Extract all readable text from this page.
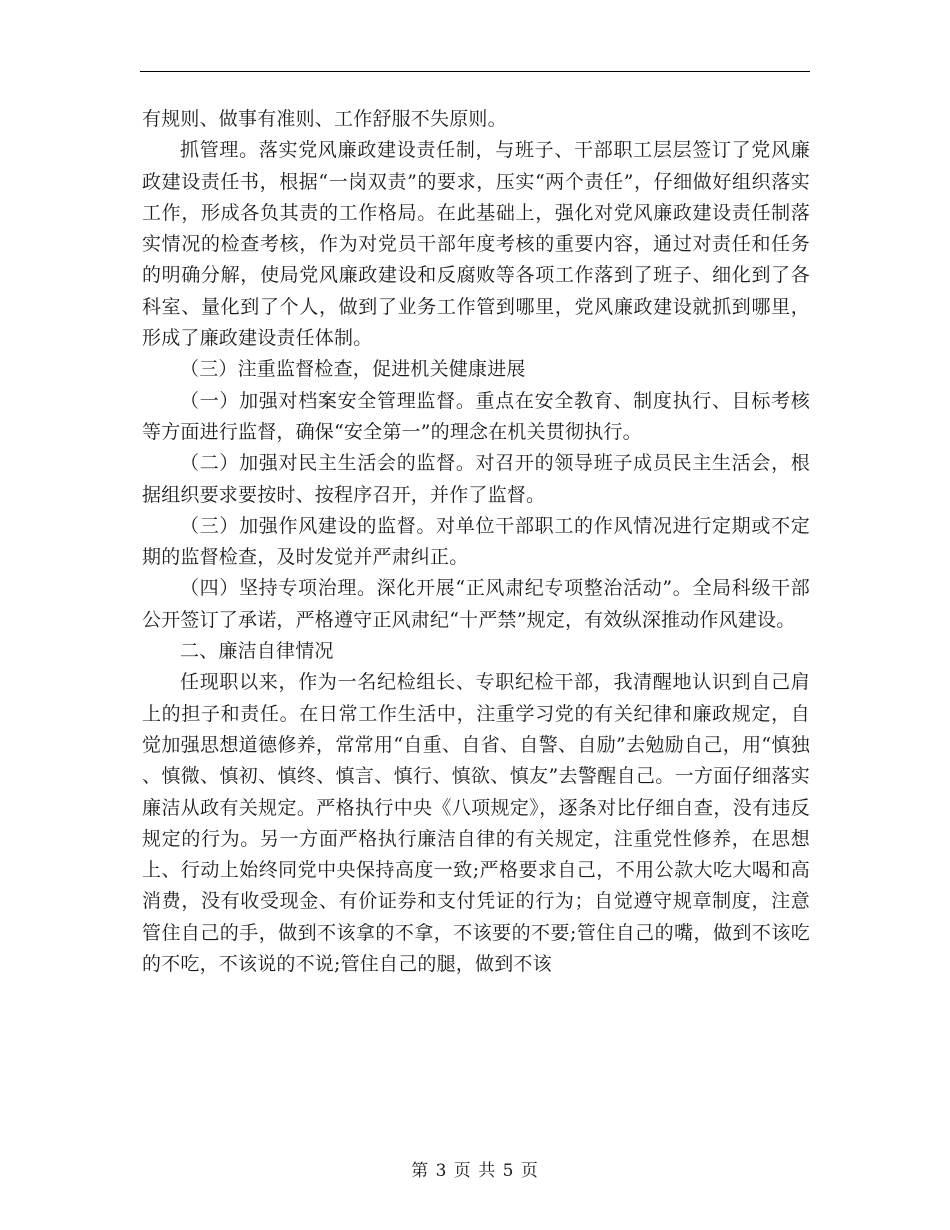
有规则、做事有准则、工作舒服不失原则。

抓管理。落实党风廉政建设责任制，与班子、干部职工层层签订了党风廉政建设责任书，根据“一岗双责”的要求，压实“两个责任”，仔细做好组织落实工作，形成各负其责的工作格局。在此基础上，强化对党风廉政建设责任制落实情况的检查考核，作为对党员干部年度考核的重要内容，通过对责任和任务的明确分解，使局党风廉政建设和反腐败等各项工作落到了班子、细化到了各科室、量化到了个人，做到了业务工作管到哪里，党风廉政建设就抓到哪里，形成了廉政建设责任体制。

（三）注重监督检查，促进机关健康进展

（一）加强对档案安全管理监督。重点在安全教育、制度执行、目标考核等方面进行监督，确保“安全第一”的理念在机关贯彻执行。

（二）加强对民主生活会的监督。对召开的领导班子成员民主生活会，根据组织要求要按时、按程序召开，并作了监督。

（三）加强作风建设的监督。对单位干部职工的作风情况进行定期或不定期的监督检查，及时发觉并严肃纠正。

（四）坚持专项治理。深化开展“正风肃纪专项整治活动”。全局科级干部公开签订了承诺，严格遵守正风肃纪“十严禁”规定，有效纵深推动作风建设。

二、廉洁自律情况

任现职以来，作为一名纪检组长、专职纪检干部，我清醒地认识到自己肩上的担子和责任。在日常工作生活中，注重学习党的有关纪律和廉政规定，自觉加强思想道德修养，常常用“自重、自省、自警、自励”去勉励自己，用“慎独、慎微、慎初、慎终、慎言、慎行、慎欲、慎友”去警醒自己。一方面仔细落实廉洁从政有关规定。严格执行中央《八项规定》，逐条对比仔细自查，没有违反规定的行为。另一方面严格执行廉洁自律的有关规定，注重党性修养，在思想上、行动上始终同党中央保持高度一致;严格要求自己，不用公款大吃大喝和高消费，没有收受现金、有价证券和支付凭证的行为；自觉遵守规章制度，注意管住自己的手，做到不该拿的不拿，不该要的不要;管住自己的嘴，做到不该吃的不吃，不该说的不说;管住自己的腿，做到不该

第 3 页 共 5 页
